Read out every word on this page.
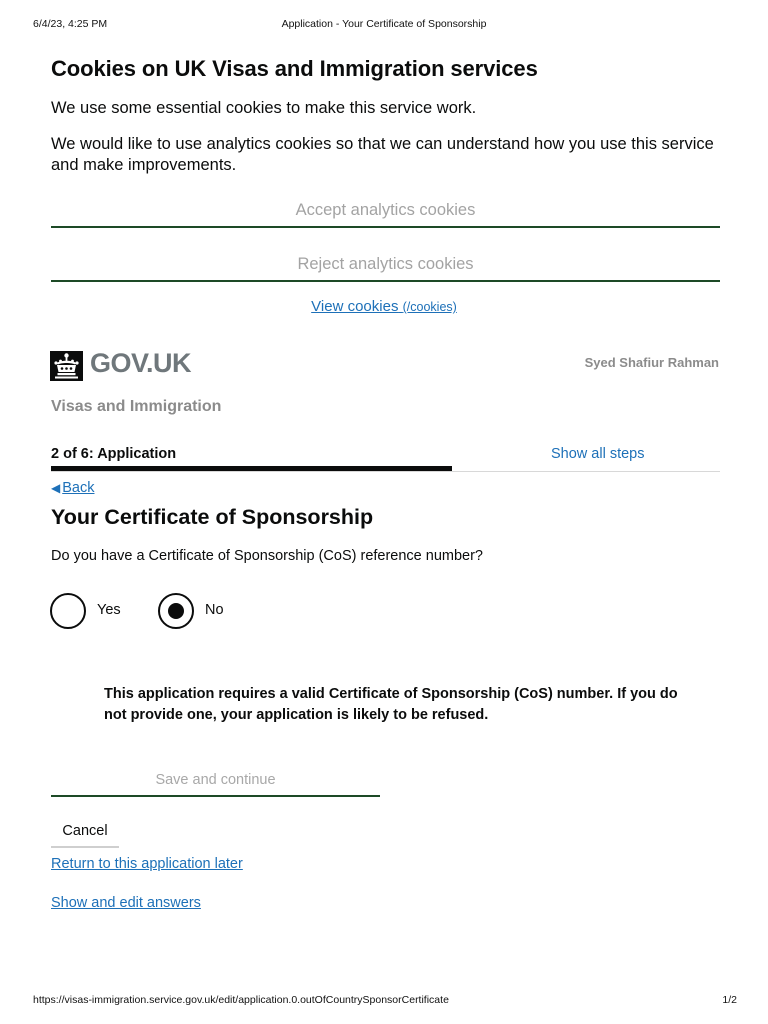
6/4/23, 4:25 PM	Application - Your Certificate of Sponsorship
Cookies on UK Visas and Immigration services

We use some essential cookies to make this service work.

We would like to use analytics cookies so that we can understand how you use this service and make improvements.

Accept analytics cookies
Reject analytics cookies
View cookies (/cookies)
GOV.UK	Syed Shafiur Rahman
Visas and Immigration
2 of 6: Application	Show all steps
◀ Back
Your Certificate of Sponsorship
Do you have a Certificate of Sponsorship (CoS) reference number?
Yes	No

This application requires a valid Certificate of Sponsorship (CoS) number. If you do not provide one, your application is likely to be refused.

Save and continue
Cancel
Return to this application later
Show and edit answers
https://visas-immigration.service.gov.uk/edit/application.0.outOfCountrySponsorCertificate	1/2
